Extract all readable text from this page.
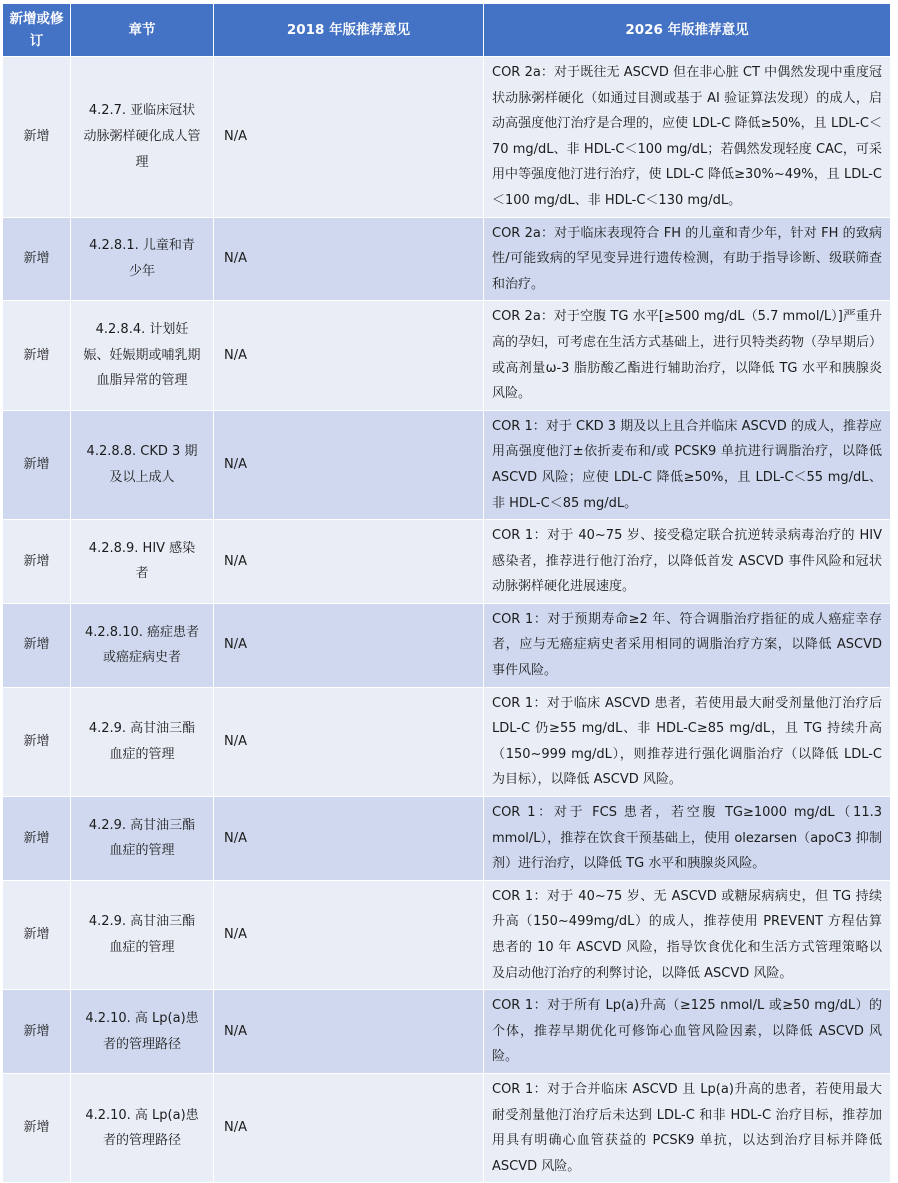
新增或修订	章节	2018 年版推荐意见	2026 年版推荐意见
新增	4.2.7. 亚临床冠状动脉粥样硬化成人管理	N/A	COR 2a：对于既往无 ASCVD 但在非心脏 CT 中偶然发现中重度冠状动脉粥样硬化（如通过目测或基于 AI 验证算法发现）的成人，启动高强度他汀治疗是合理的，应使 LDL-C 降低≥50%，且 LDL-C＜70 mg/dL、非 HDL-C＜100 mg/dL；若偶然发现轻度 CAC，可采用中等强度他汀进行治疗，使 LDL-C 降低≥30%~49%，且 LDL-C＜100 mg/dL、非 HDL-C＜130 mg/dL。
新增	4.2.8.1. 儿童和青少年	N/A	COR 2a：对于临床表现符合 FH 的儿童和青少年，针对 FH 的致病性/可能致病的罕见变异进行遗传检测，有助于指导诊断、级联筛查和治疗。
新增	4.2.8.4. 计划妊娠、妊娠期或哺乳期血脂异常的管理	N/A	COR 2a：对于空腹 TG 水平[≥500 mg/dL（5.7 mmol/L）]严重升高的孕妇，可考虑在生活方式基础上，进行贝特类药物（孕早期后）或高剂量ω-3 脂肪酸乙酯进行辅助治疗，以降低 TG 水平和胰腺炎风险。
新增	4.2.8.8. CKD 3 期及以上成人	N/A	COR 1：对于 CKD 3 期及以上且合并临床 ASCVD 的成人，推荐应用高强度他汀±依折麦布和/或 PCSK9 单抗进行调脂治疗，以降低 ASCVD 风险；应使 LDL-C 降低≥50%，且 LDL-C＜55 mg/dL、非 HDL-C＜85 mg/dL。
新增	4.2.8.9. HIV 感染者	N/A	COR 1：对于 40~75 岁、接受稳定联合抗逆转录病毒治疗的 HIV 感染者，推荐进行他汀治疗，以降低首发 ASCVD 事件风险和冠状动脉粥样硬化进展速度。
新增	4.2.8.10. 癌症患者或癌症病史者	N/A	COR 1：对于预期寿命≥2 年、符合调脂治疗指征的成人癌症幸存者，应与无癌症病史者采用相同的调脂治疗方案，以降低 ASCVD 事件风险。
新增	4.2.9. 高甘油三酯血症的管理	N/A	COR 1：对于临床 ASCVD 患者，若使用最大耐受剂量他汀治疗后 LDL-C 仍≥55 mg/dL、非 HDL-C≥85 mg/dL，且 TG 持续升高（150~999 mg/dL），则推荐进行强化调脂治疗（以降低 LDL-C 为目标），以降低 ASCVD 风险。
新增	4.2.9. 高甘油三酯血症的管理	N/A	COR 1：对于 FCS 患者，若空腹 TG≥1000 mg/dL（11.3 mmol/L），推荐在饮食干预基础上，使用 olezarsen（apoC3 抑制剂）进行治疗，以降低 TG 水平和胰腺炎风险。
新增	4.2.9. 高甘油三酯血症的管理	N/A	COR 1：对于 40~75 岁、无 ASCVD 或糖尿病病史，但 TG 持续升高（150~499mg/dL）的成人，推荐使用 PREVENT 方程估算患者的 10 年 ASCVD 风险，指导饮食优化和生活方式管理策略以及启动他汀治疗的利弊讨论，以降低 ASCVD 风险。
新增	4.2.10. 高 Lp(a)患者的管理路径	N/A	COR 1：对于所有 Lp(a)升高（≥125 nmol/L 或≥50 mg/dL）的个体，推荐早期优化可修饰心血管风险因素，以降低 ASCVD 风险。
新增	4.2.10. 高 Lp(a)患者的管理路径	N/A	COR 1：对于合并临床 ASCVD 且 Lp(a)升高的患者，若使用最大耐受剂量他汀治疗后未达到 LDL-C 和非 HDL-C 治疗目标，推荐加用具有明确心血管获益的 PCSK9 单抗，以达到治疗目标并降低 ASCVD 风险。
